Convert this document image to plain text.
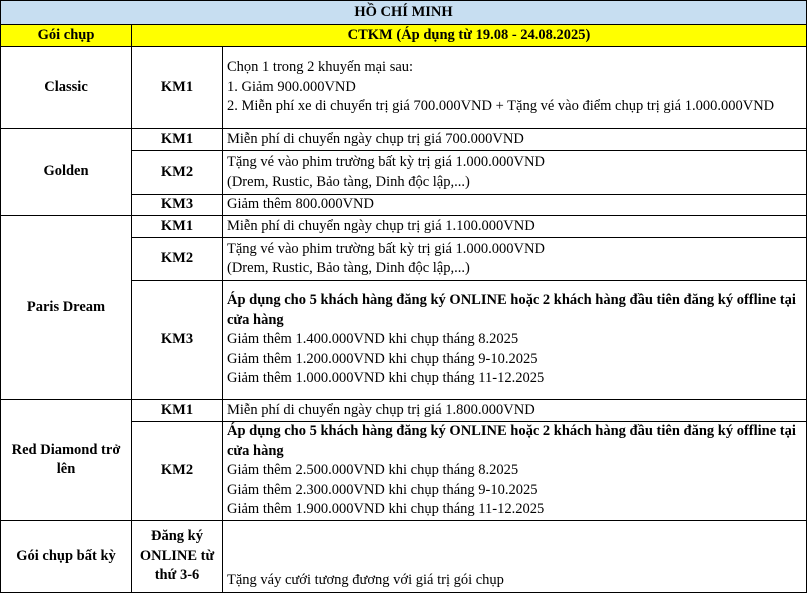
HỒ CHÍ MINH		
Gói chụp	CTKM (Áp dụng từ 19.08 - 24.08.2025)	
Classic	KM1	Chọn 1 trong 2 khuyến mại sau:
1. Giảm 900.000VND
2. Miễn phí xe di chuyển trị giá 700.000VND + Tặng vé vào điểm chụp trị giá 1.000.000VND

Golden	KM1	Miễn phí di chuyển ngày chụp trị giá 700.000VND
	KM2	Tặng vé vào phim trường bất kỳ trị giá 1.000.000VND
(Drem, Rustic, Bảo tàng, Dinh độc lập,...)

	KM3	Giảm thêm 800.000VND
Paris Dream	KM1	Miễn phí di chuyển ngày chụp trị giá 1.100.000VND
	KM2	Tặng vé vào phim trường bất kỳ trị giá 1.000.000VND
(Drem, Rustic, Bảo tàng, Dinh độc lập,...)

	KM3	Áp dụng cho 5 khách hàng đăng ký ONLINE hoặc 2 khách hàng đầu tiên đăng ký offline tại cửa hàng
Giảm thêm 1.400.000VND khi chụp tháng 8.2025
Giảm thêm 1.200.000VND khi chụp tháng 9-10.2025
Giảm thêm 1.000.000VND khi chụp tháng 11-12.2025

Red Diamond trở lên	KM1	Miễn phí di chuyển ngày chụp trị giá 1.800.000VND
	KM2	Áp dụng cho 5 khách hàng đăng ký ONLINE hoặc 2 khách hàng đầu tiên đăng ký offline tại cửa hàng
Giảm thêm 2.500.000VND khi chụp tháng 8.2025
Giảm thêm 2.300.000VND khi chụp tháng 9-10.2025
Giảm thêm 1.900.000VND khi chụp tháng 11-12.2025

Gói chụp bất kỳ	Đăng ký ONLINE từ thứ 3-6	Tặng váy cưới tương đương với giá trị gói chụp
